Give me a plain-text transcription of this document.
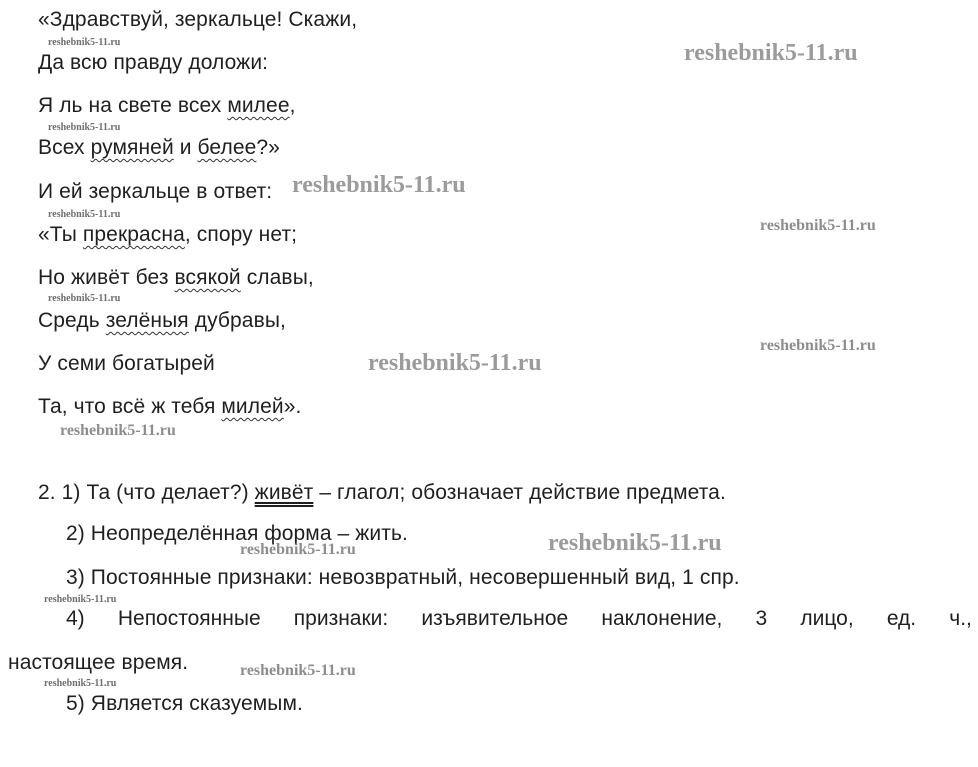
«Здравствуй, зеркальце! Скажи,
Да всю правду доложи:
Я ль на свете всех милее,
Всех румяней и белее?»
И ей зеркальце в ответ:
«Ты прекрасна, спору нет;
Но живёт без всякой славы,
Средь зелёныя дубравы,
У семи богатырей
Та, что всё ж тебя милей».
2. 1) Та (что делает?) живёт – глагол; обозначает действие предмета.
2) Неопределённая форма – жить.
3) Постоянные признаки: невозвратный, несовершенный вид, 1 спр.
4) Непостоянные признаки: изъявительное наклонение, 3 лицо, ед. ч.,
настоящее время.
5) Является сказуемым.
reshebnik5-11.ru	reshebnik5-11.ru
reshebnik5-11.ru
reshebnik5-11.ru
reshebnik5-11.ru
reshebnik5-11.ru
reshebnik5-11.ru
reshebnik5-11.ru
reshebnik5-11.ru
reshebnik5-11.ru
reshebnik5-11.ru	reshebnik5-11.ru
reshebnik5-11.ru
reshebnik5-11.ru
reshebnik5-11.ru
